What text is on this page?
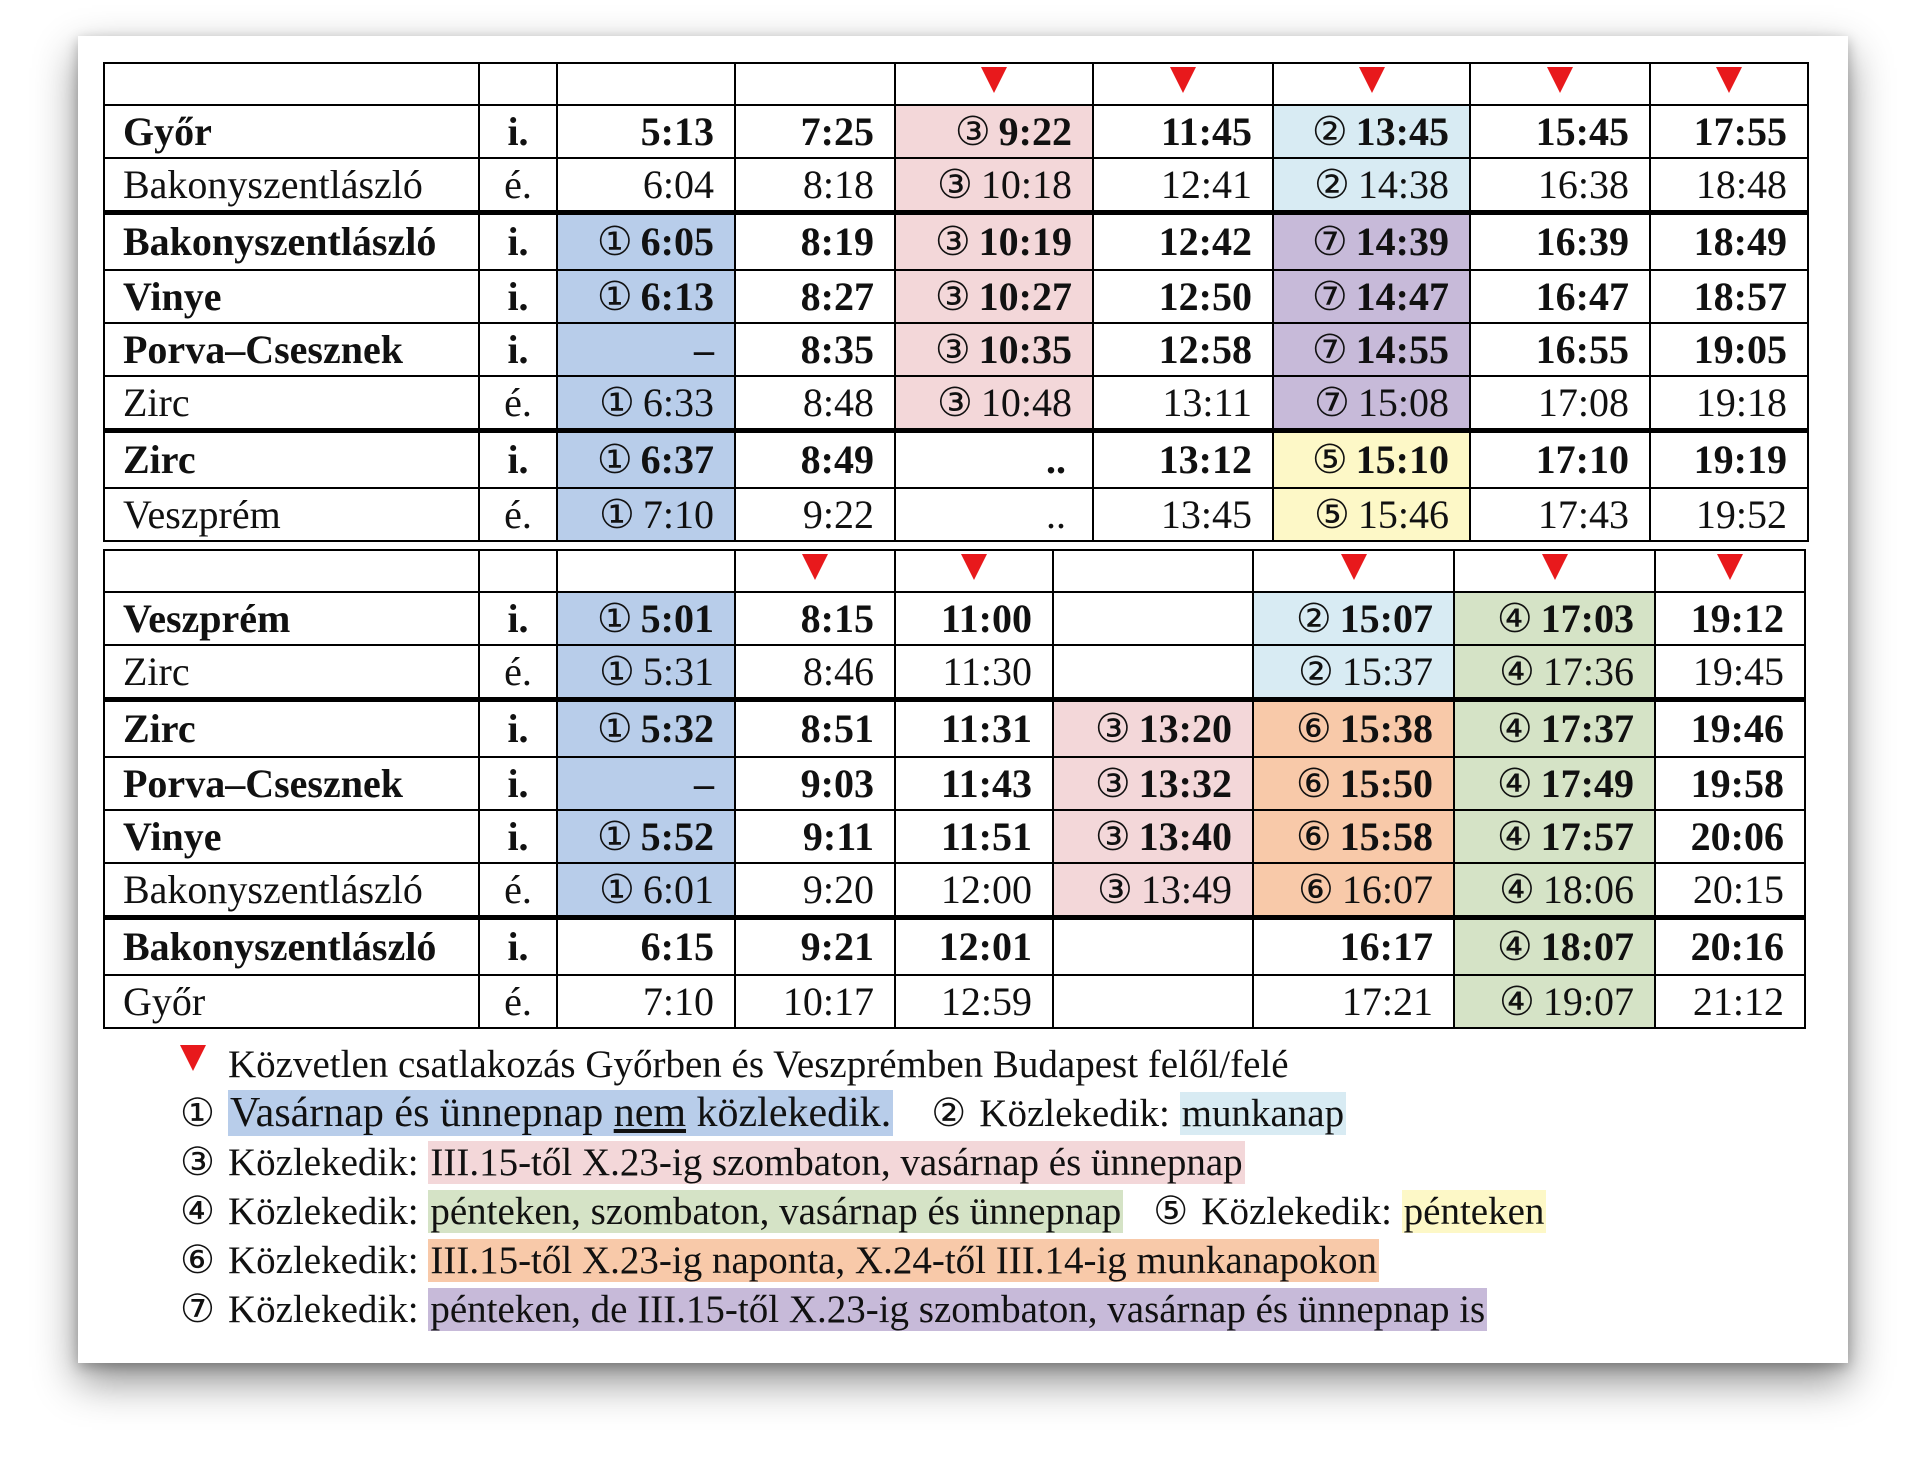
Győr	i.	5:13	7:25	③ 9:22	11:45	② 13:45	15:45	17:55
Bakonyszentlászló	é.	6:04	8:18	③ 10:18	12:41	② 14:38	16:38	18:48
Bakonyszentlászló	i.	① 6:05	8:19	③ 10:19	12:42	⑦ 14:39	16:39	18:49
Vinye	i.	① 6:13	8:27	③ 10:27	12:50	⑦ 14:47	16:47	18:57
Porva–Csesznek	i.	–	8:35	③ 10:35	12:58	⑦ 14:55	16:55	19:05
Zirc	é.	① 6:33	8:48	③ 10:48	13:11	⑦ 15:08	17:08	19:18
Zirc	i.	① 6:37	8:49	..	13:12	⑤ 15:10	17:10	19:19
Veszprém	é.	① 7:10	9:22	..	13:45	⑤ 15:46	17:43	19:52

Veszprém	i.	① 5:01	8:15	11:00		② 15:07	④ 17:03	19:12
Zirc	é.	① 5:31	8:46	11:30		② 15:37	④ 17:36	19:45
Zirc	i.	① 5:32	8:51	11:31	③ 13:20	⑥ 15:38	④ 17:37	19:46
Porva–Csesznek	i.	–	9:03	11:43	③ 13:32	⑥ 15:50	④ 17:49	19:58
Vinye	i.	① 5:52	9:11	11:51	③ 13:40	⑥ 15:58	④ 17:57	20:06
Bakonyszentlászló	é.	① 6:01	9:20	12:00	③ 13:49	⑥ 16:07	④ 18:06	20:15
Bakonyszentlászló	i.	6:15	9:21	12:01		16:17	④ 18:07	20:16
Győr	é.	7:10	10:17	12:59		17:21	④ 19:07	21:12
Közvetlen csatlakozás Győrben és Veszprémben Budapest felől/felé
① Vasárnap és ünnepnap nem közlekedik. ② Közlekedik: munkanap
③ Közlekedik: III.15-től X.23-ig szombaton, vasárnap és ünnepnap
④ Közlekedik: pénteken, szombaton, vasárnap és ünnepnap ⑤ Közlekedik: pénteken
⑥ Közlekedik: III.15-től X.23-ig naponta, X.24-től III.14-ig munkanapokon
⑦ Közlekedik: pénteken, de III.15-től X.23-ig szombaton, vasárnap és ünnepnap is
